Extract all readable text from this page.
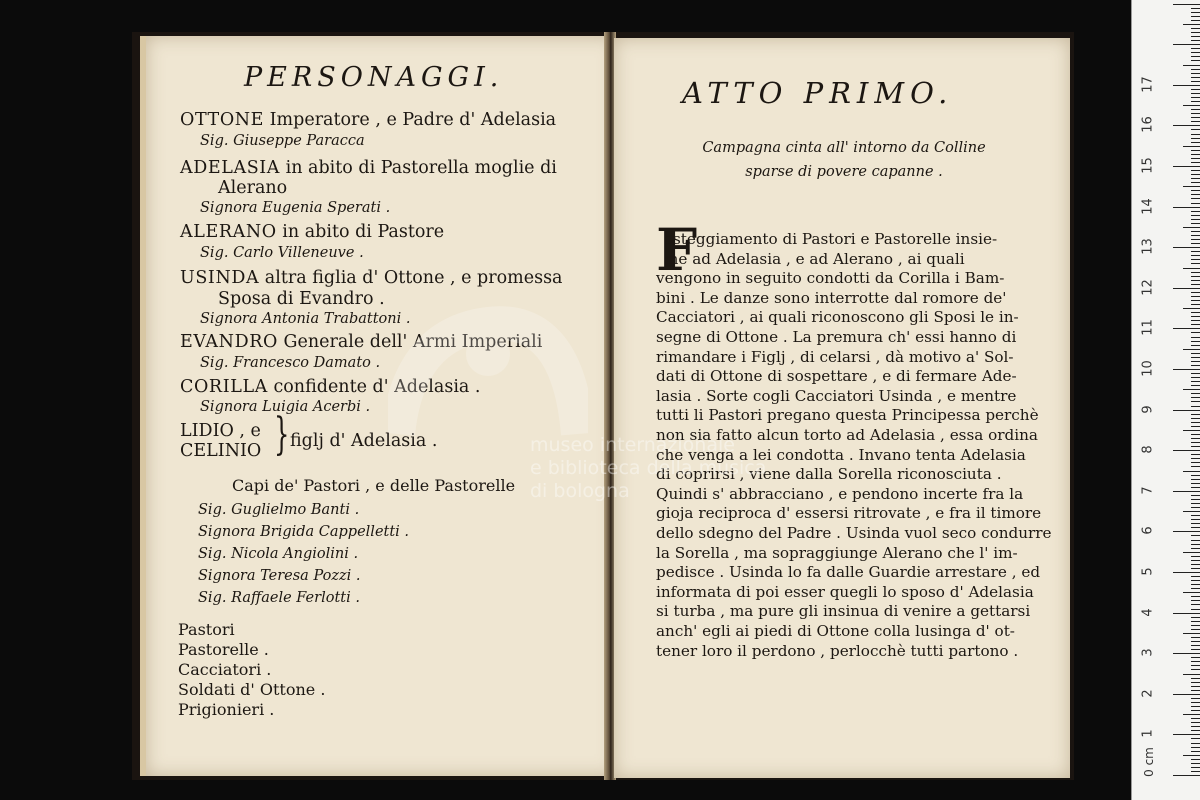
PERSONAGGI.
OTTONE Imperatore , e Padre d' Adelasia
Sig. Giuseppe Paracca
ADELASIA in abito di Pastorella moglie di
Alerano
Signora Eugenia Sperati .
ALERANO in abito di Pastore
Sig. Carlo Villeneuve .
USINDA altra figlia d' Ottone , e promessa
Sposa di Evandro .
Signora Antonia Trabattoni .
EVANDRO Generale dell' Armi Imperiali
Sig. Francesco Damato .
CORILLA confidente d' Adelasia .
Signora Luigia Acerbi .
LIDIO , e
CELINIO } figlj d' Adelasia .
Capi de' Pastori , e delle Pastorelle
Sig. Guglielmo Banti .
Signora Brigida Cappelletti .
Sig. Nicola Angiolini .
Signora Teresa Pozzi .
Sig. Raffaele Ferlotti .
Pastori
Pastorelle .
Cacciatori .
Soldati d' Ottone .
Prigionieri .
ATTO PRIMO.
Campagna cinta all' intorno da Colline
sparse di povere capanne .
F
esteggiamento di Pastori e Pastorelle insie-
me ad Adelasia , e ad Alerano , ai quali
vengono in seguito condotti da Corilla i Bam-
bini . Le danze sono interrotte dal romore de'
Cacciatori , ai quali riconoscono gli Sposi le in-
segne di Ottone . La premura ch' essi hanno di
rimandare i Figlj , di celarsi , dà motivo a' Sol-
dati di Ottone di sospettare , e di fermare Ade-
lasia . Sorte cogli Cacciatori Usinda , e mentre
tutti li Pastori pregano questa Principessa perchè
non sia fatto alcun torto ad Adelasia , essa ordina
che venga a lei condotta . Invano tenta Adelasia
di coprirsi , viene dalla Sorella riconosciuta .
Quindi s' abbracciano , e pendono incerte fra la
gioja reciproca d' essersi ritrovate , e fra il timore
dello sdegno del Padre . Usinda vuol seco condurre
la Sorella , ma sopraggiunge Alerano che l' im-
pedisce . Usinda lo fa dalle Guardie arrestare , ed
informata di poi esser quegli lo sposo d' Adelasia
si turba , ma pure gli insinua di venire a gettarsi
anch' egli ai piedi di Ottone colla lusinga d' ot-
tener loro il perdono , perlocchè tutti partono .
museo internazionale
e biblioteca della musica
di bologna
0 cm
1
2
3
4
5
6
7
8
9
10
11
12
13
14
15
16
17
